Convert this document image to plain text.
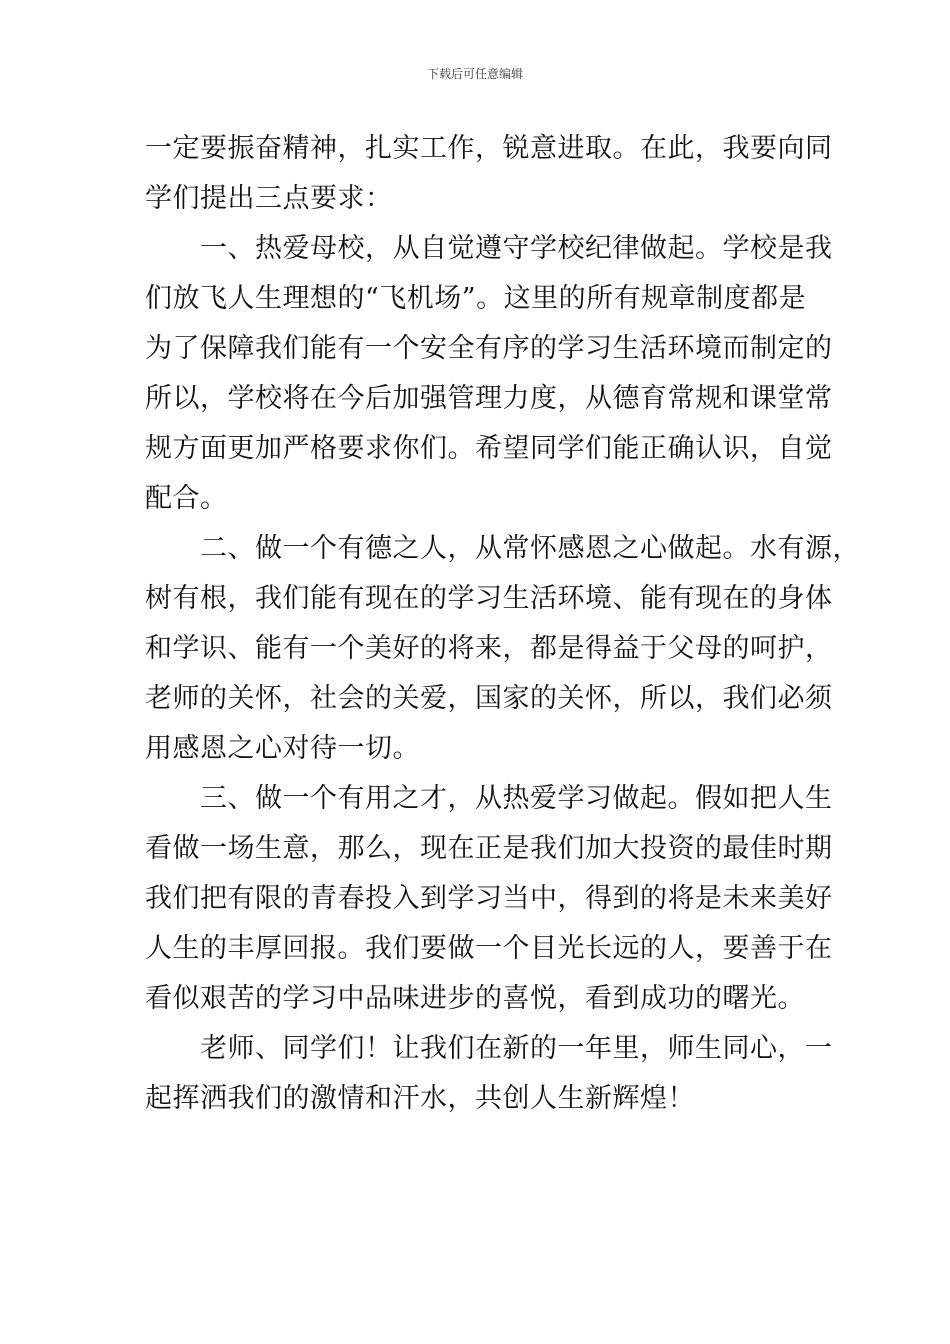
下载后可任意编辑
一定要振奋精神，扎实工作，锐意进取。在此，我要向同
学们提出三点要求：
一、热爱母校，从自觉遵守学校纪律做起。学校是我
们放飞人生理想的“飞机场”。这里的所有规章制度都是
为了保障我们能有一个安全有序的学习生活环境而制定的
所以，学校将在今后加强管理力度，从德育常规和课堂常
规方面更加严格要求你们。希望同学们能正确认识，自觉
配合。
二、做一个有德之人，从常怀感恩之心做起。水有源，
树有根，我们能有现在的学习生活环境、能有现在的身体
和学识、能有一个美好的将来，都是得益于父母的呵护，
老师的关怀，社会的关爱，国家的关怀，所以，我们必须
用感恩之心对待一切。
三、做一个有用之才，从热爱学习做起。假如把人生
看做一场生意，那么，现在正是我们加大投资的最佳时期
我们把有限的青春投入到学习当中，得到的将是未来美好
人生的丰厚回报。我们要做一个目光长远的人，要善于在
看似艰苦的学习中品味进步的喜悦，看到成功的曙光。
老师、同学们！让我们在新的一年里，师生同心，一
起挥洒我们的激情和汗水，共创人生新辉煌！
